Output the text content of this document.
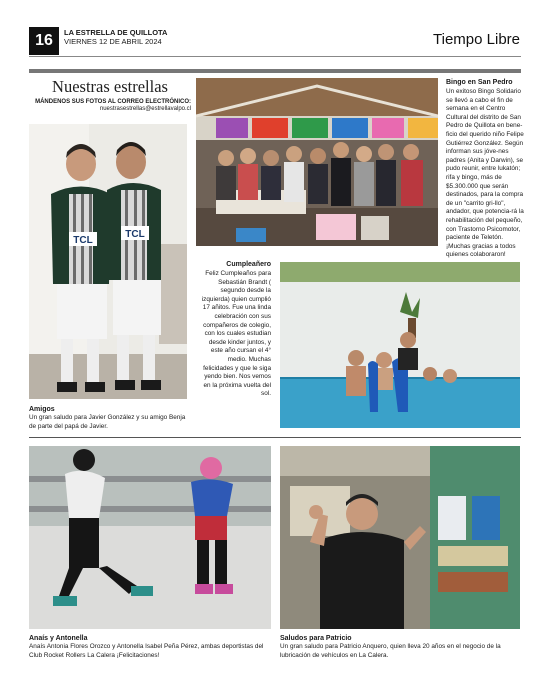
16	LA ESTRELLA DE QUILLOTA
VIERNES 12 DE ABRIL 2024	Tiempo Libre
Nuestras estrellas
MÁNDENOS SUS FOTOS AL CORREO ELECTRÓNICO:
nuestrasestrellas@estrellavalpo.cl
TCL
TCL
Amigos
Un gran saludo para Javier González y su amigo Benja de parte del papá de Javier.
Bingo en San Pedro
Un exitoso Bingo Solidario se llevó a cabo el fin de semana en el Centro Cultural del distrito de San Pedro de Quillota en bene-ficio del querido niño Felipe Gutiérrez González. Según informan sus jóve-nes padres (Anita y Darwin), se pudo reunir, entre lukatón; rifa y bingo, más de $5.300.000 que serán destinados, para la compra de un "carrito gri-llo", andador, que potencia-rá la rehabilitación del pequeño, con Trastorno Psicomotor, paciente de Teletón. ¡Muchas gracias a todos quienes colaboraron!
Cumpleañero
Feliz Cumpleaños para Sebastián Brandt ( segundo desde la izquierda) quien cumplió 17 añitos. Fue una linda celebración con sus compañeros de colegio, con los cuales estudian desde kinder juntos, y este año cursan el 4° medio. Muchas felicidades y que le siga yendo bien. Nos vemos en la próxima vuelta del sol.
Anaís y Antonella
Anaís Antonia Flores Orozco y Antonella Isabel Peña Pérez, ambas deportistas del Club Rocket Rollers La Calera ¡Felicitaciones!
Saludos para Patricio
Un gran saludo para Patricio Anquero, quien lleva 20 años en el negocio de la lubricación de vehículos en La Calera.
